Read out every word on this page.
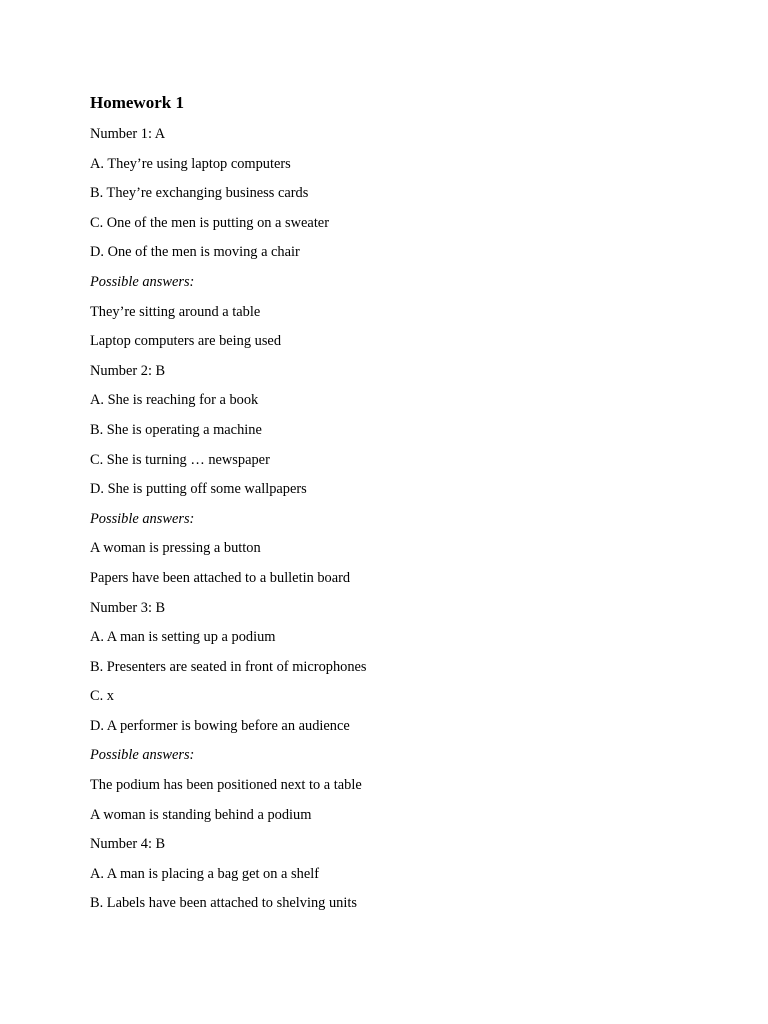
Homework 1
Number 1: A
A. They’re using laptop computers
B. They’re exchanging business cards
C. One of the men is putting on a sweater
D. One of the men is moving a chair
Possible answers:
They’re sitting around a table
Laptop computers are being used
Number 2: B
A. She is reaching for a book
B. She is operating a machine
C. She is turning … newspaper
D. She is putting off some wallpapers
Possible answers:
A woman is pressing a button
Papers have been attached to a bulletin board
Number 3: B
A. A man is setting up a podium
B. Presenters are seated in front of microphones
C. x
D. A performer is bowing before an audience
Possible answers:
The podium has been positioned next to a table
A woman is standing behind a podium
Number 4: B
A. A man is placing a bag get on a shelf
B. Labels have been attached to shelving units
